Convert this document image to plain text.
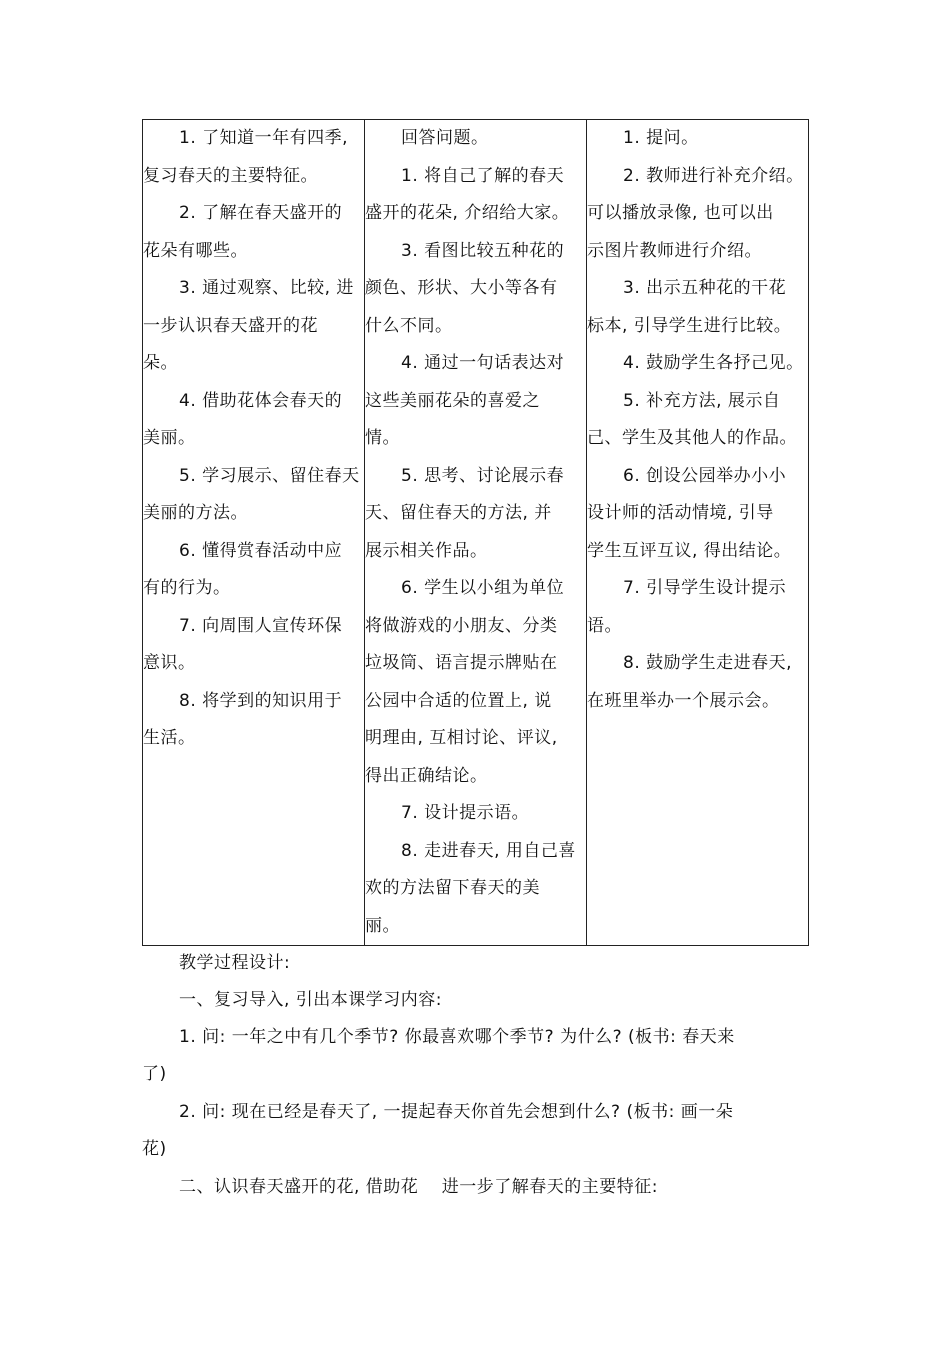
1. 了知道一年有四季,
复习春天的主要特征。
2. 了解在春天盛开的
花朵有哪些。
3. 通过观察、比较, 进
一步认识春天盛开的花
朵。
4. 借助花体会春天的
美丽。
5. 学习展示、留住春天
美丽的方法。
6. 懂得赏春活动中应
有的行为。
7. 向周围人宣传环保
意识。
8. 将学到的知识用于
生活。

回答问题。
1. 将自己了解的春天
盛开的花朵, 介绍给大家。
3. 看图比较五种花的
颜色、形状、大小等各有
什么不同。
4. 通过一句话表达对
这些美丽花朵的喜爱之
情。
5. 思考、讨论展示春
天、留住春天的方法, 并
展示相关作品。
6. 学生以小组为单位
将做游戏的小朋友、分类
垃圾筒、语言提示牌贴在
公园中合适的位置上, 说
明理由, 互相讨论、评议,
得出正确结论。
7. 设计提示语。
8. 走进春天, 用自己喜
欢的方法留下春天的美
丽。

1. 提问。
2. 教师进行补充介绍。
可以播放录像, 也可以出
示图片教师进行介绍。
3. 出示五种花的干花
标本, 引导学生进行比较。
4. 鼓励学生各抒己见。
5. 补充方法, 展示自
己、学生及其他人的作品。
6. 创设公园举办小小
设计师的活动情境, 引导
学生互评互议, 得出结论。
7. 引导学生设计提示
语。
8. 鼓励学生走进春天,
在班里举办一个展示会。
教学过程设计:
一、复习导入, 引出本课学习内容:
1. 问: 一年之中有几个季节? 你最喜欢哪个季节? 为什么? (板书: 春天来
了)
2. 问: 现在已经是春天了, 一提起春天你首先会想到什么? (板书: 画一朵
花)
二、认识春天盛开的花, 借助花　 进一步了解春天的主要特征:
